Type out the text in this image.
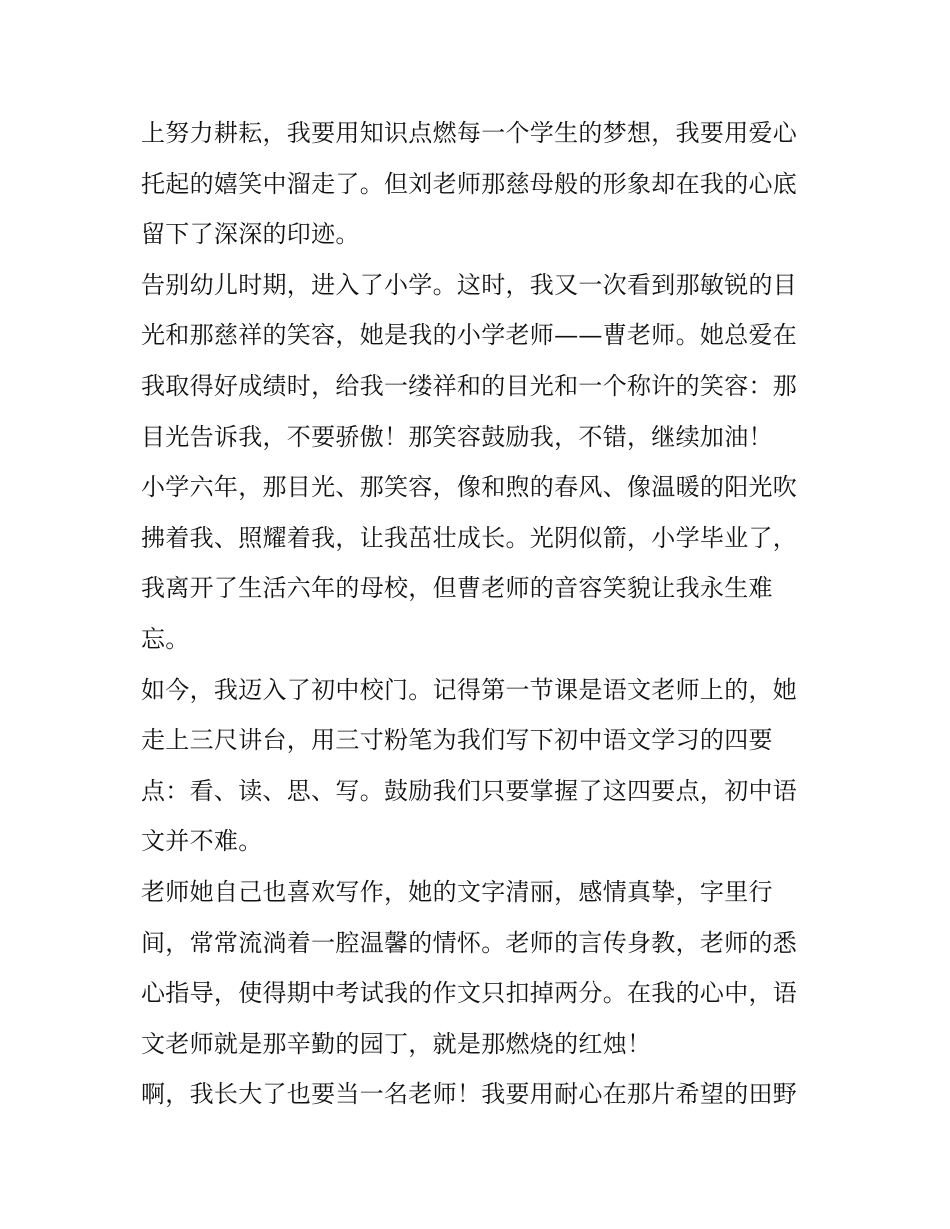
上努力耕耘，我要用知识点燃每一个学生的梦想，我要用爱心
托起的嬉笑中溜走了。但刘老师那慈母般的形象却在我的心底
留下了深深的印迹。
告别幼儿时期，进入了小学。这时，我又一次看到那敏锐的目
光和那慈祥的笑容，她是我的小学老师——曹老师。她总爱在
我取得好成绩时，给我一缕祥和的目光和一个称许的笑容：那
目光告诉我，不要骄傲！那笑容鼓励我，不错，继续加油！
小学六年，那目光、那笑容，像和煦的春风、像温暖的阳光吹
拂着我、照耀着我，让我茁壮成长。光阴似箭，小学毕业了，
我离开了生活六年的母校，但曹老师的音容笑貌让我永生难
忘。
如今，我迈入了初中校门。记得第一节课是语文老师上的，她
走上三尺讲台，用三寸粉笔为我们写下初中语文学习的四要
点：看、读、思、写。鼓励我们只要掌握了这四要点，初中语
文并不难。
老师她自己也喜欢写作，她的文字清丽，感情真挚，字里行
间，常常流淌着一腔温馨的情怀。老师的言传身教，老师的悉
心指导，使得期中考试我的作文只扣掉两分。在我的心中，语
文老师就是那辛勤的园丁，就是那燃烧的红烛！
啊，我长大了也要当一名老师！我要用耐心在那片希望的田野
